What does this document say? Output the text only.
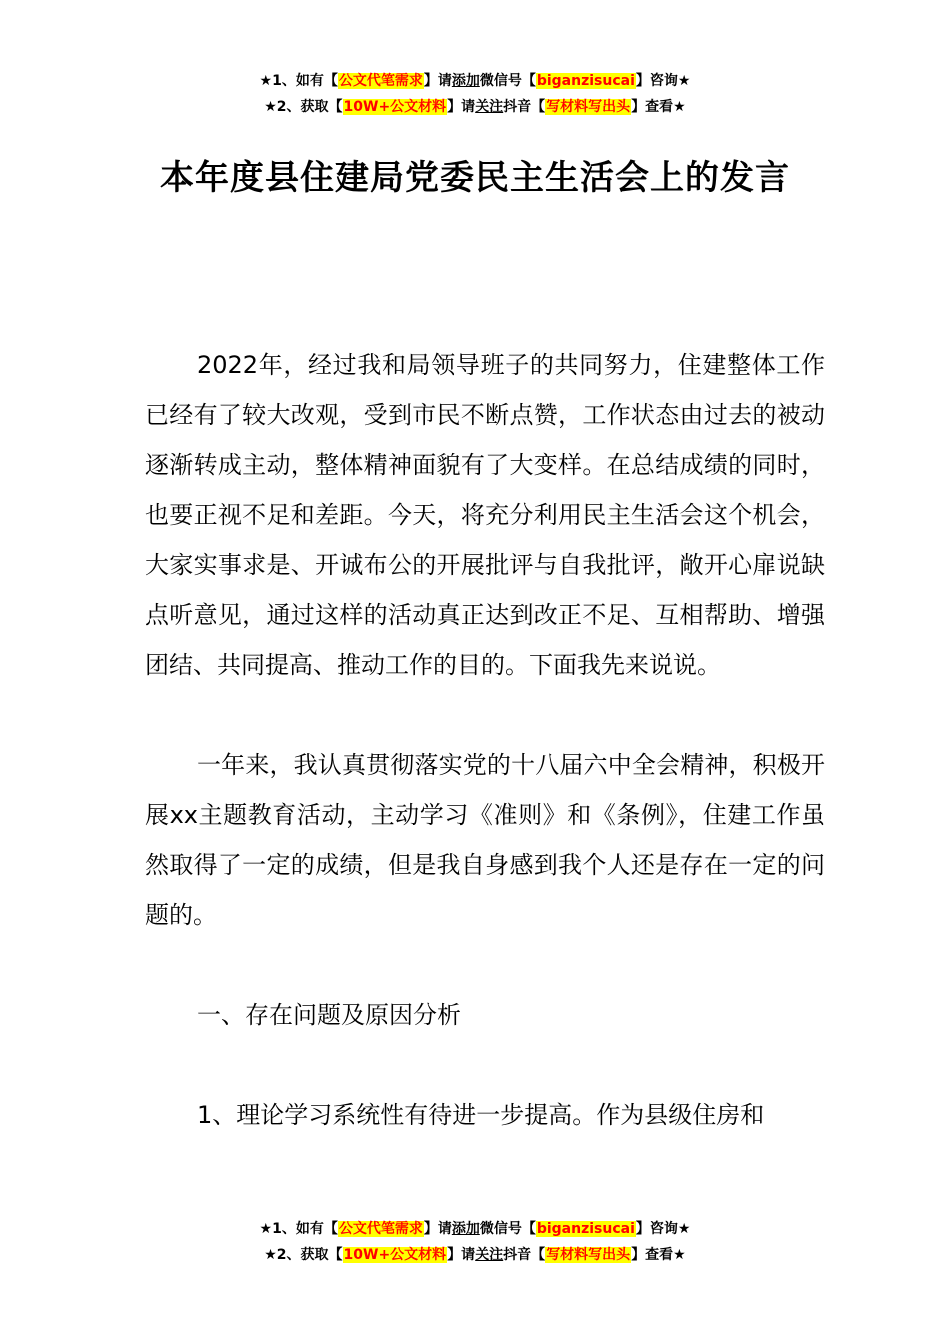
★1、如有【公文代笔需求】请添加微信号【biganzisucai】咨询★
★2、获取【10W+公文材料】请关注抖音【写材料写出头】查看★
本年度县住建局党委民主生活会上的发言

2022年，经过我和局领导班子的共同努力，住建整体工作已经有了较大改观，受到市民不断点赞，工作状态由过去的被动逐渐转成主动，整体精神面貌有了大变样。在总结成绩的同时，也要正视不足和差距。今天，将充分利用民主生活会这个机会，大家实事求是、开诚布公的开展批评与自我批评，敞开心扉说缺点听意见，通过这样的活动真正达到改正不足、互相帮助、增强团结、共同提高、推动工作的目的。下面我先来说说。

一年来，我认真贯彻落实党的十八届六中全会精神，积极开展xx主题教育活动，主动学习《准则》和《条例》，住建工作虽然取得了一定的成绩，但是我自身感到我个人还是存在一定的问题的。

一、存在问题及原因分析

1、理论学习系统性有待进一步提高。作为县级住房和

★1、如有【公文代笔需求】请添加微信号【biganzisucai】咨询★
★2、获取【10W+公文材料】请关注抖音【写材料写出头】查看★
